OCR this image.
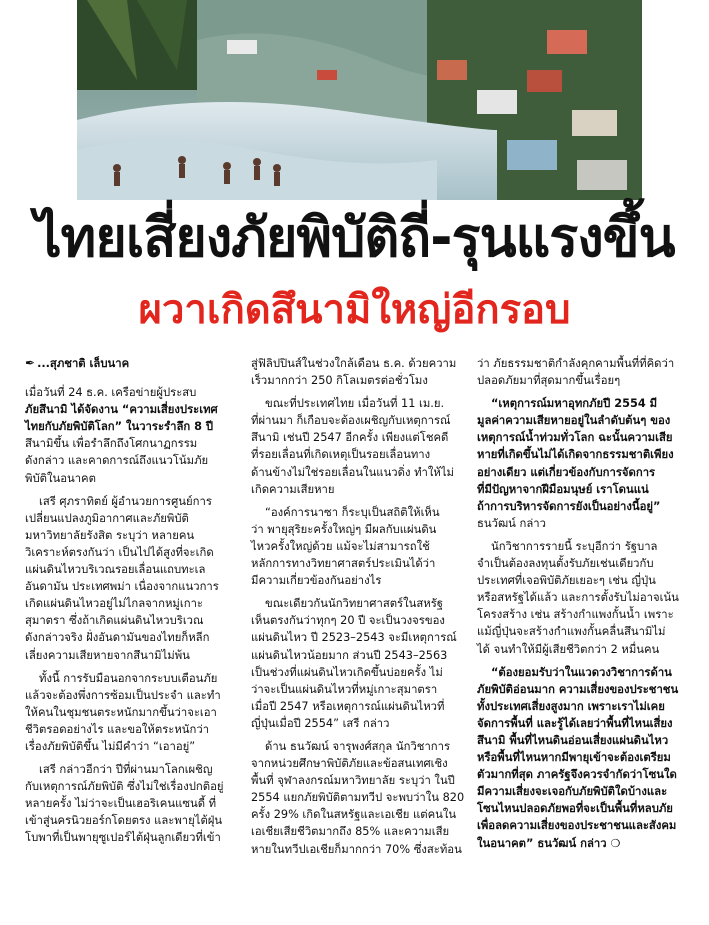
ไทยเสี่ยงภัยพิบัติถี่-รุนแรงขึ้น
ผวาเกิดสึนามิใหญ่อีกรอบ
✒ ...สุภชาติ เล็บนาค
เมื่อวันที่ 24 ธ.ค. เครือข่ายผู้ประสบ
ภัยสึนามิ ได้จัดงาน “ความเสี่ยงประเทศ
ไทยกับภัยพิบัติโลก” ในวาระรำลึก 8 ปี
สึนามิขึ้น เพื่อรำลึกถึงโศกนาฏกรรม
ดังกล่าว และคาดการณ์ถึงแนวโน้มภัย
พิบัติในอนาคต
เสรี ศุภราทิตย์ ผู้อำนวยการศูนย์การ
เปลี่ยนแปลงภูมิอากาศและภัยพิบัติ
มหาวิทยาลัยรังสิต ระบุว่า หลายคน
วิเคราะห์ตรงกันว่า เป็นไปได้สูงที่จะเกิด
แผ่นดินไหวบริเวณรอยเลื่อนแถบทะเล
อันดามัน ประเทศพม่า เนื่องจากแนวการ
เกิดแผ่นดินไหวอยู่ไม่ไกลจากหมู่เกาะ
สุมาตรา ซึ่งถ้าเกิดแผ่นดินไหวบริเวณ
ดังกล่าวจริง ฝั่งอันดามันของไทยก็หลีก
เลี่ยงความเสียหายจากสึนามิไม่พ้น
ทั้งนี้ การรับมือนอกจากระบบเตือนภัย
แล้วจะต้องพึ่งการซ้อมเป็นประจำ และทำ
ให้คนในชุมชนตระหนักมากขึ้นว่าจะเอา
ชีวิตรอดอย่างไร และขอให้ตระหนักว่า
เรื่องภัยพิบัติขึ้น ไม่มีคำว่า “เอาอยู่”
เสรี กล่าวอีกว่า ปีที่ผ่านมาโลกเผชิญ
กับเหตุการณ์ภัยพิบัติ ซึ่งไม่ใช่เรื่องปกติอยู่
หลายครั้ง ไม่ว่าจะเป็นเฮอริเคนแซนดี้ ที่
เข้าสู่นครนิวยอร์กโดยตรง และพายุไต้ฝุ่น
โบพาที่เป็นพายุซูเปอร์ไต้ฝุ่นลูกเดียวที่เข้า
สู่ฟิลิปปินส์ในช่วงใกล้เดือน ธ.ค. ด้วยความ
เร็วมากกว่า 250 กิโลเมตรต่อชั่วโมง
ขณะที่ประเทศไทย เมื่อวันที่ 11 เม.ย.
ที่ผ่านมา ก็เกือบจะต้องเผชิญกับเหตุการณ์
สึนามิ เช่นปี 2547 อีกครั้ง เพียงแต่โชคดี
ที่รอยเลื่อนที่เกิดเหตุเป็นรอยเลื่อนทาง
ด้านข้างไม่ใช่รอยเลื่อนในแนวดิ่ง ทำให้ไม่
เกิดความเสียหาย
“องค์การนาซา ก็ระบุเป็นสถิติให้เห็น
ว่า พายุสุริยะครั้งใหญ่ๆ มีผลกับแผ่นดิน
ไหวครั้งใหญ่ด้วย แม้จะไม่สามารถใช้
หลักการทางวิทยาศาสตร์ประเมินได้ว่า
มีความเกี่ยวข้องกันอย่างไร
ขณะเดียวกันนักวิทยาศาสตร์ในสหรัฐ
เห็นตรงกันว่าทุกๆ 20 ปี จะเป็นวงจรของ
แผ่นดินไหว ปี 2523–2543 จะมีเหตุการณ์
แผ่นดินไหวน้อยมาก ส่วนปี 2543–2563
เป็นช่วงที่แผ่นดินไหวเกิดขึ้นบ่อยครั้ง ไม่
ว่าจะเป็นแผ่นดินไหวที่หมู่เกาะสุมาตรา
เมื่อปี 2547 หรือเหตุการณ์แผ่นดินไหวที่
ญี่ปุ่นเมื่อปี 2554” เสรี กล่าว
ด้าน ธนวัฒน์ จารุพงศ์สกุล นักวิชาการ
จากหน่วยศึกษาพิบัติภัยและข้อสนเทศเชิง
พื้นที่ จุฬาลงกรณ์มหาวิทยาลัย ระบุว่า ในปี
2554 แยกภัยพิบัติตามทวีป จะพบว่าใน 820
ครั้ง 29% เกิดในสหรัฐและเอเชีย แต่คนใน
เอเชียเสียชีวิตมากถึง 85% และความเสีย
หายในทวีปเอเชียก็มากกว่า 70% ซึ่งสะท้อน
ว่า ภัยธรรมชาติกำลังคุกคามพื้นที่ที่คิดว่า
ปลอดภัยมาที่สุดมากขึ้นเรื่อยๆ
“เหตุการณ์มหาอุทกภัยปี 2554 มี
มูลค่าความเสียหายอยู่ในลำดับต้นๆ ของ
เหตุการณ์น้ำท่วมทั่วโลก ฉะนั้นความเสีย
หายที่เกิดขึ้นไม่ได้เกิดจากธรรมชาติเพียง
อย่างเดียว แต่เกี่ยวข้องกับการจัดการ
ที่มีปัญหาจากฝีมือมนุษย์ เราโดนแน่
ถ้าการบริหารจัดการยังเป็นอย่างนี้อยู่”
ธนวัฒน์ กล่าว
นักวิชาการรายนี้ ระบุอีกว่า รัฐบาล
จำเป็นต้องลงทุนตั้งรับภัยเช่นเดียวกับ
ประเทศที่เจอพิบัติภัยเยอะๆ เช่น ญี่ปุ่น
หรือสหรัฐได้แล้ว และการตั้งรับไม่อาจเน้น
โครงสร้าง เช่น สร้างกำแพงกั้นน้ำ เพราะ
แม้ญี่ปุ่นจะสร้างกำแพงกั้นคลื่นสึนามิไม่
ได้ จนทำให้มีผู้เสียชีวิตกว่า 2 หมื่นคน
“ต้องยอมรับว่าในแวดวงวิชาการด้าน
ภัยพิบัติอ่อนมาก ความเสี่ยงของประชาชน
ทั้งประเทศเสี่ยงสูงมาก เพราะเราไม่เคย
จัดการพื้นที่ และรู้ได้เลยว่าพื้นที่ไหนเสี่ยง
สึนามิ พื้นที่ไหนดินอ่อนเสี่ยงแผ่นดินไหว
หรือพื้นที่ไหนหากมีพายุเข้าจะต้องเตรียม
ตัวมากที่สุด ภาครัฐจึงควรจำกัดว่าโซนใด
มีความเสี่ยงจะเจอกับภัยพิบัติใดบ้างและ
โซนไหนปลอดภัยพอที่จะเป็นพื้นที่หลบภัย
เพื่อลดความเสี่ยงของประชาชนและสังคม
ในอนาคต” ธนวัฒน์ กล่าว ❍
